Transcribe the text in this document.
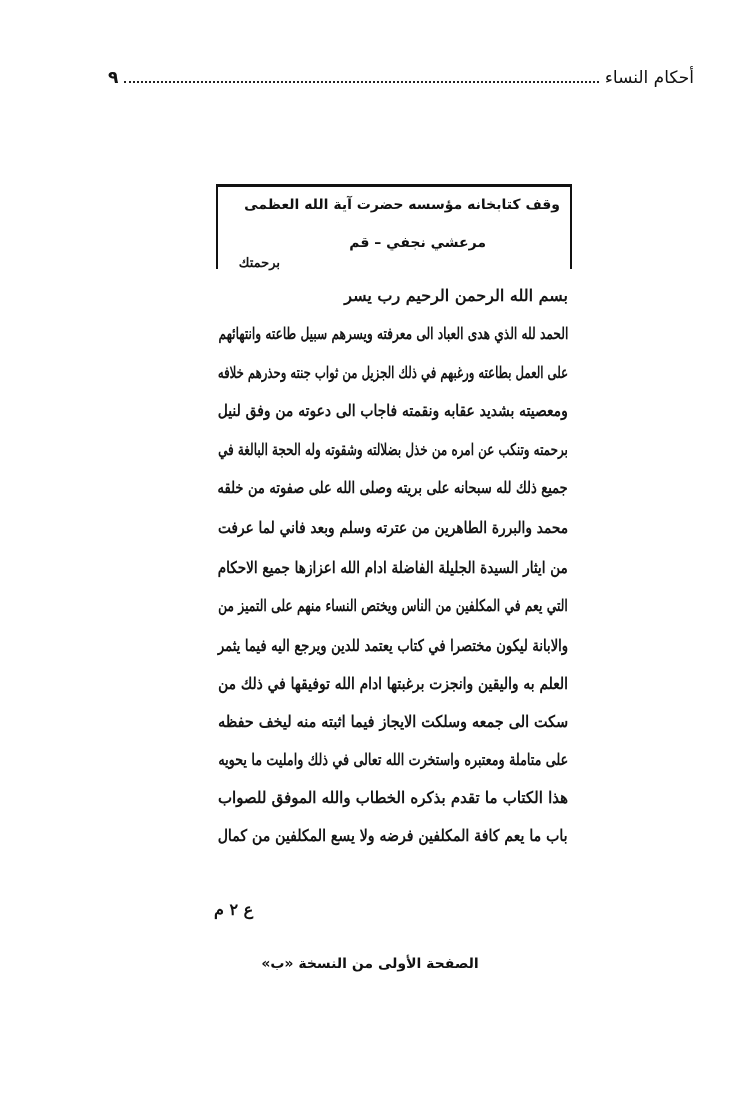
أحكام النساء
٩
وقف كتابخانه مؤسسه حضرت آية الله العظمى
مرعشي نجفي – قم
برحمتك
بسم الله الرحمن الرحيم رب يسر
الحمد لله الذي هدى العباد الى معرفته ويسرهم سبيل طاعته وانتهائهم
على العمل بطاعته ورغبهم في ذلك الجزيل من ثواب جنته وحذرهم خلافه
ومعصيته بشديد عقابه ونقمته فاجاب الى دعوته من وفق لنيل
برحمته وتنكب عن امره من خذل بضلالته وشقوته وله الحجة البالغة في
جميع ذلك لله سبحانه على بريته وصلى الله على صفوته من خلقه
محمد والبررة الطاهرين من عترته وسلم وبعد فاني لما عرفت
من ايثار السيدة الجليلة الفاضلة ادام الله اعزازها جميع الاحكام
التي يعم في المكلفين من الناس ويختص النساء منهم على التميز من
والابانة ليكون مختصرا في كتاب يعتمد للدين ويرجع اليه فيما يثمر
العلم به واليقين وانجزت برغبتها ادام الله توفيقها في ذلك من
سكت الى جمعه وسلكت الايجاز فيما اثبته منه ليخف حفظه
على متاملة ومعتبره واستخرت الله تعالى في ذلك وامليت ما يحويه
هذا الكتاب ما تقدم بذكره الخطاب والله الموفق للصواب
باب ما يعم كافة المكلفين فرضه ولا يسع المكلفين من كمال
ع ٢ م
الصفحة الأولى من النسخة «ب»
